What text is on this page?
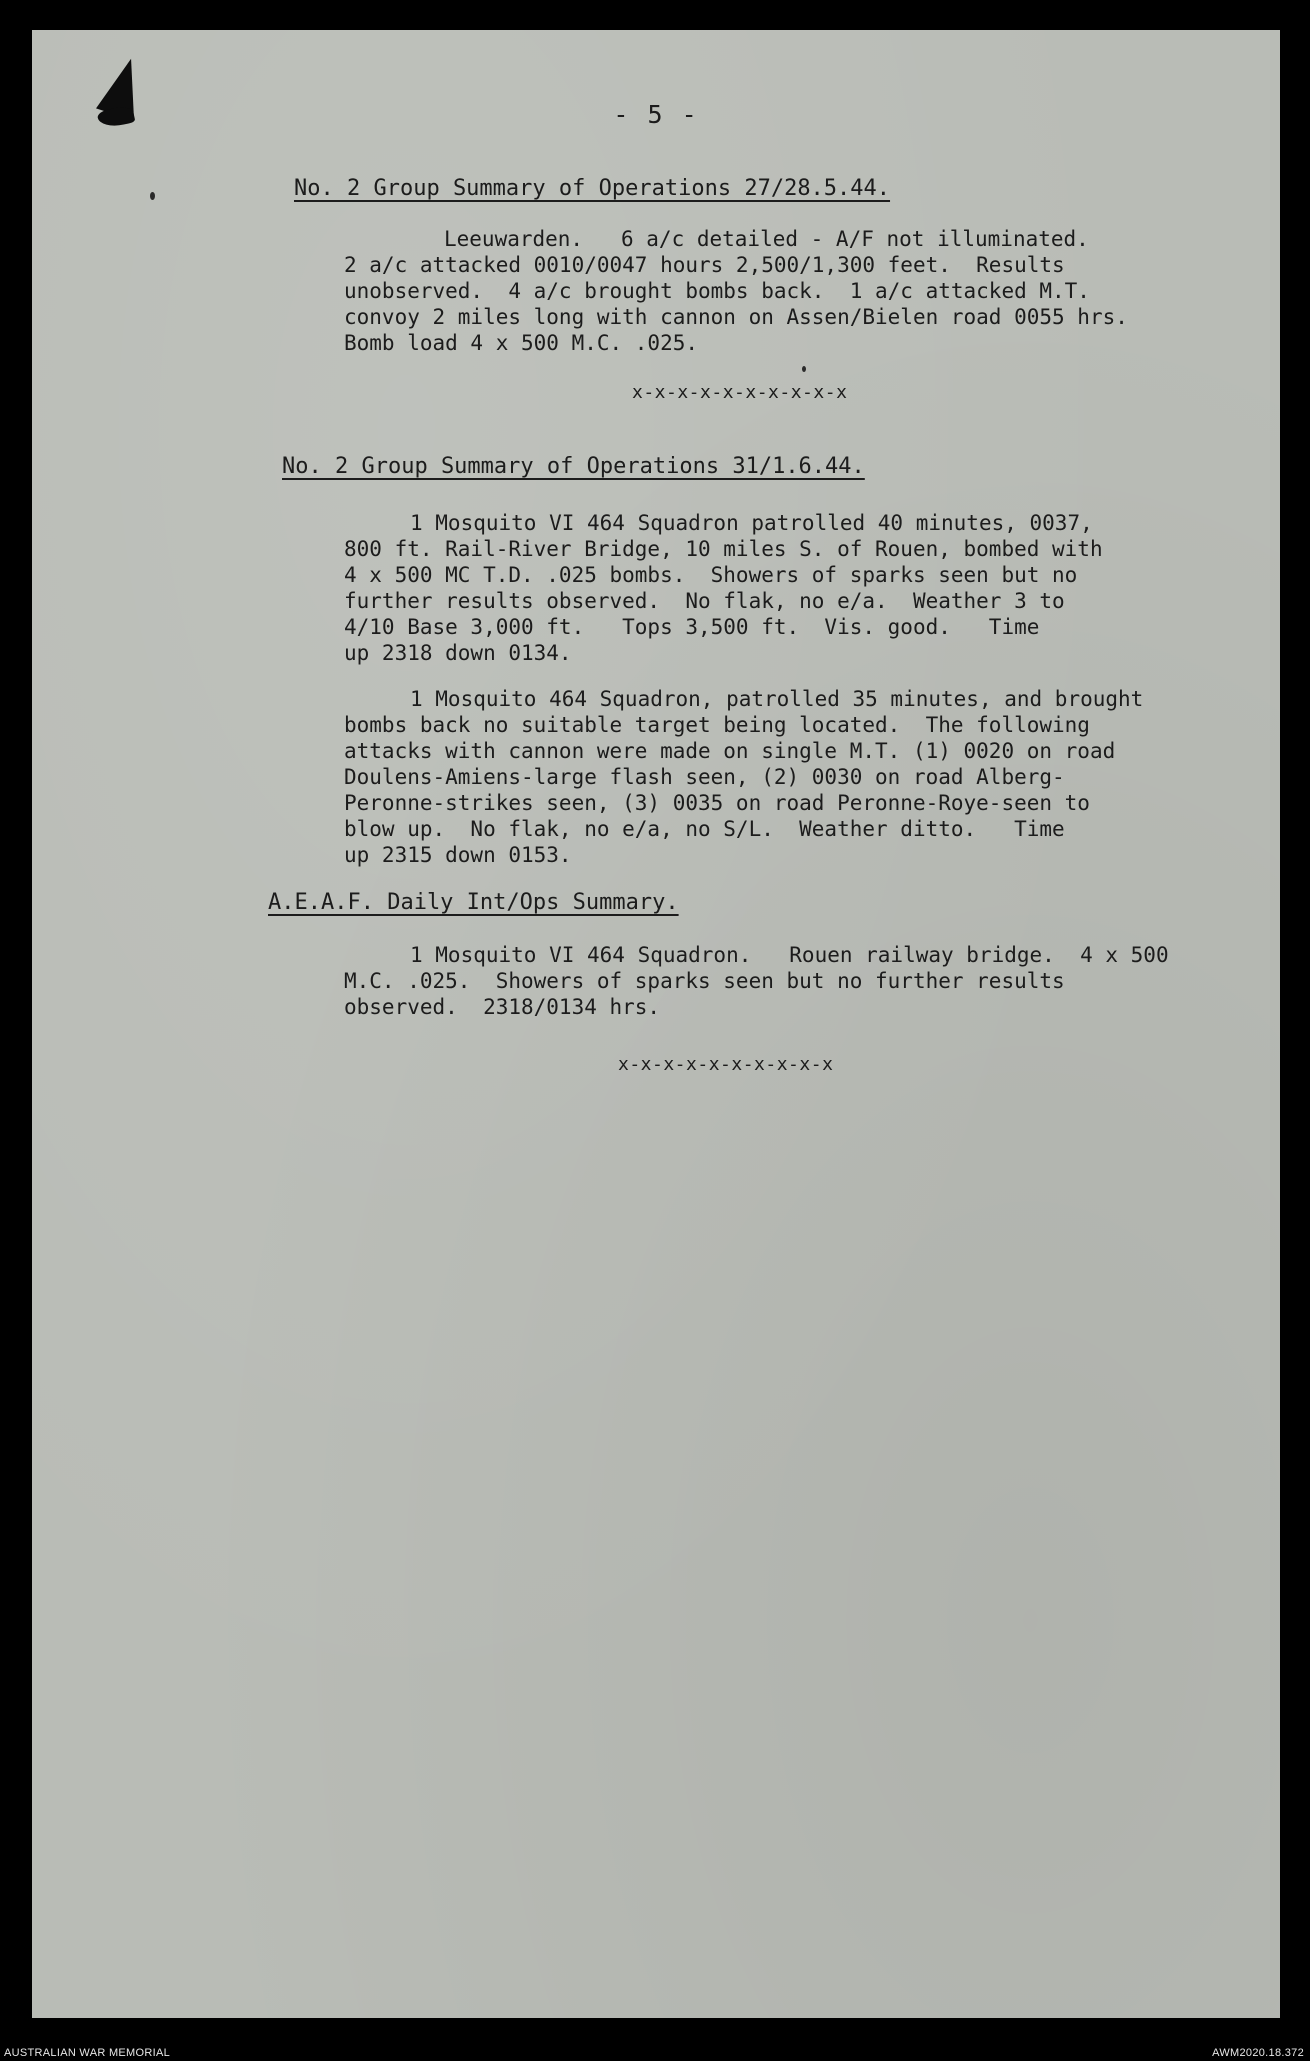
- 5 -
No. 2 Group Summary of Operations 27/28.5.44.
Leeuwarden.   6 a/c detailed - A/F not illuminated.
2 a/c attacked 0010/0047 hours 2,500/1,300 feet.  Results
unobserved.  4 a/c brought bombs back.  1 a/c attacked M.T.
convoy 2 miles long with cannon on Assen/Bielen road 0055 hrs.
Bomb load 4 x 500 M.C. .025.
x-x-x-x-x-x-x-x-x-x
No. 2 Group Summary of Operations 31/1.6.44.
1 Mosquito VI 464 Squadron patrolled 40 minutes, 0037,
800 ft. Rail-River Bridge, 10 miles S. of Rouen, bombed with
4 x 500 MC T.D. .025 bombs.  Showers of sparks seen but no
further results observed.  No flak, no e/a.  Weather 3 to
4/10 Base 3,000 ft.   Tops 3,500 ft.  Vis. good.   Time
up 2318 down 0134.
1 Mosquito 464 Squadron, patrolled 35 minutes, and brought
bombs back no suitable target being located.  The following
attacks with cannon were made on single M.T. (1) 0020 on road
Doulens-Amiens-large flash seen, (2) 0030 on road Alberg-
Peronne-strikes seen, (3) 0035 on road Peronne-Roye-seen to
blow up.  No flak, no e/a, no S/L.  Weather ditto.   Time
up 2315 down 0153.
A.E.A.F. Daily Int/Ops Summary.
1 Mosquito VI 464 Squadron.   Rouen railway bridge.  4 x 500
M.C. .025.  Showers of sparks seen but no further results
observed.  2318/0134 hrs.
x-x-x-x-x-x-x-x-x-x
AUSTRALIAN WAR MEMORIAL	AWM2020.18.372
